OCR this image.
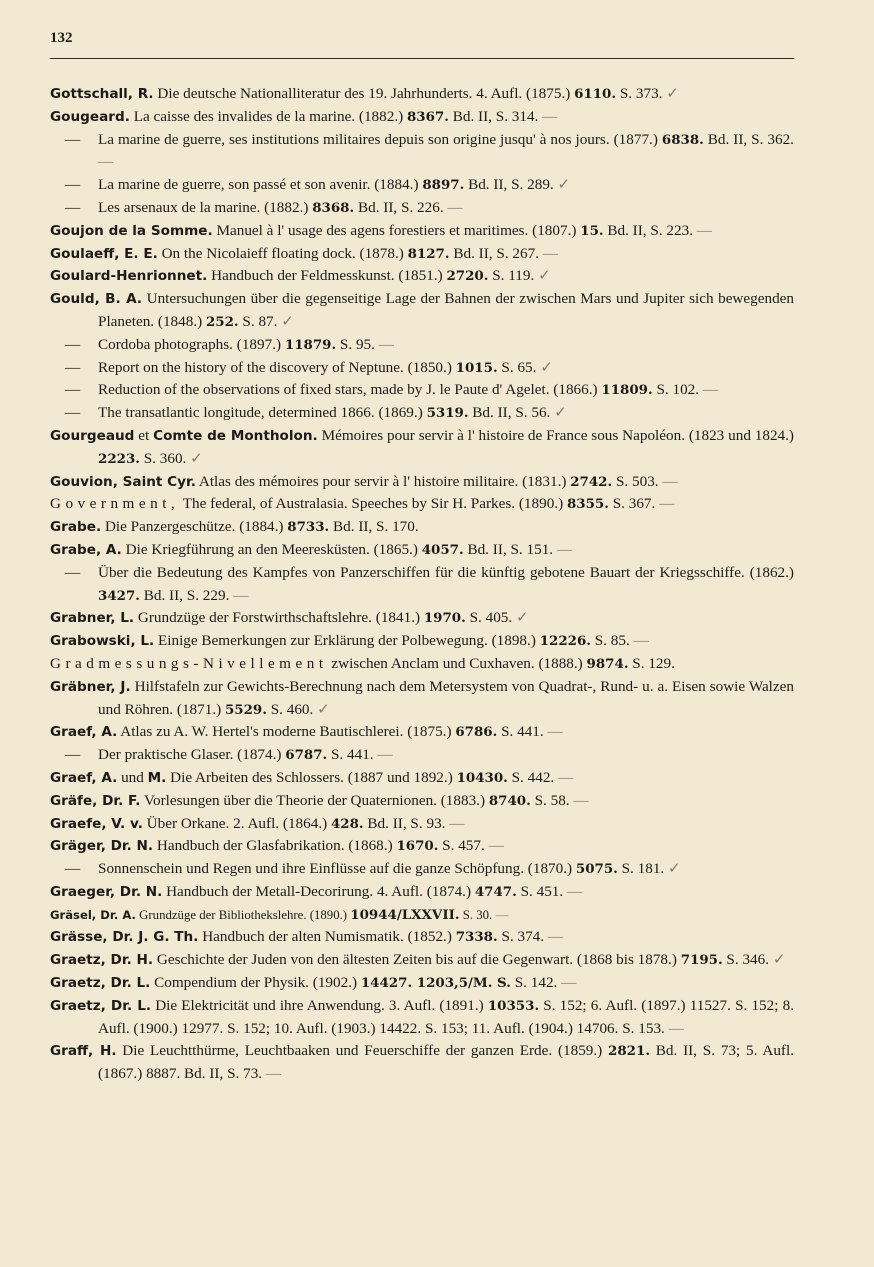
132
Gottschall, R. Die deutsche Nationalliteratur des 19. Jahrhunderts. 4. Aufl. (1875.) 6110. S. 373. ✓
Gougeard. La caisse des invalides de la marine. (1882.) 8367. Bd. II, S. 314. —
— La marine de guerre, ses institutions militaires depuis son origine jusqu' à nos jours. (1877.) 6838. Bd. II, S. 362. —
— La marine de guerre, son passé et son avenir. (1884.) 8897. Bd. II, S. 289. ✓
— Les arsenaux de la marine. (1882.) 8368. Bd. II, S. 226. —
Goujon de la Somme. Manuel à l' usage des agens forestiers et maritimes. (1807.) 15. Bd. II, S. 223. —
Goulaeff, E. E. On the Nicolaieff floating dock. (1878.) 8127. Bd. II, S. 267. —
Goulard-Henrionnet. Handbuch der Feldmesskunst. (1851.) 2720. S. 119. ✓
Gould, B. A. Untersuchungen über die gegenseitige Lage der Bahnen der zwischen Mars und Jupiter sich bewegenden Planeten. (1848.) 252. S. 87. ✓
— Cordoba photographs. (1897.) 11879. S. 95. —
— Report on the history of the discovery of Neptune. (1850.) 1015. S. 65. ✓
— Reduction of the observations of fixed stars, made by J. le Paute d' Agelet. (1866.) 11809. S. 102. —
— The transatlantic longitude, determined 1866. (1869.) 5319. Bd. II, S. 56. ✓
Gourgeaud et Comte de Montholon. Mémoires pour servir à l' histoire de France sous Napoléon. (1823 und 1824.) 2223. S. 360. ✓
Gouvion, Saint Cyr. Atlas des mémoires pour servir à l' histoire militaire. (1831.) 2742. S. 503. —
Government, The federal, of Australasia. Speeches by Sir H. Parkes. (1890.) 8355. S. 367. —
Grabe. Die Panzergeschütze. (1884.) 8733. Bd. II, S. 170.
Grabe, A. Die Kriegführung an den Meeresküsten. (1865.) 4057. Bd. II, S. 151. —
— Über die Bedeutung des Kampfes von Panzerschiffen für die künftig gebotene Bauart der Kriegsschiffe. (1862.) 3427. Bd. II, S. 229. —
Grabner, L. Grundzüge der Forstwirthschaftslehre. (1841.) 1970. S. 405. ✓
Grabowski, L. Einige Bemerkungen zur Erklärung der Polbewegung. (1898.) 12226. S. 85. —
Gradmessungs-Nivellement zwischen Anclam und Cuxhaven. (1888.) 9874. S. 129.
Gräbner, J. Hilfstafeln zur Gewichts-Berechnung nach dem Metersystem von Quadrat-, Rund- u. a. Eisen sowie Walzen und Röhren. (1871.) 5529. S. 460. ✓
Graef, A. Atlas zu A. W. Hertel's moderne Bautischlerei. (1875.) 6786. S. 441. —
— Der praktische Glaser. (1874.) 6787. S. 441. —
Graef, A. und M. Die Arbeiten des Schlossers. (1887 und 1892.) 10430. S. 442. —
Gräfe, Dr. F. Vorlesungen über die Theorie der Quaternionen. (1883.) 8740. S. 58. —
Graefe, V. v. Über Orkane. 2. Aufl. (1864.) 428. Bd. II, S. 93. —
Gräger, Dr. N. Handbuch der Glasfabrikation. (1868.) 1670. S. 457. —
— Sonnenschein und Regen und ihre Einflüsse auf die ganze Schöpfung. (1870.) 5075. S. 181. ✓
Graeger, Dr. N. Handbuch der Metall-Decorirung. 4. Aufl. (1874.) 4747. S. 451. —
Gräsel, Dr. A. Grundzüge der Bibliothekslehre. (1890.) 10944/LXXVII. S. 30. —
Grässe, Dr. J. G. Th. Handbuch der alten Numismatik. (1852.) 7338. S. 374. —
Graetz, Dr. H. Geschichte der Juden von den ältesten Zeiten bis auf die Gegenwart. (1868 bis 1878.) 7195. S. 346. ✓
Graetz, Dr. L. Compendium der Physik. (1902.) 14427. 1203,5/M. S. S. 142. —
Graetz, Dr. L. Die Elektricität und ihre Anwendung. 3. Aufl. (1891.) 10353. S. 152; 6. Aufl. (1897.) 11527. S. 152; 8. Aufl. (1900.) 12977. S. 152; 10. Aufl. (1903.) 14422. S. 153; 11. Aufl. (1904.) 14706. S. 153. —
Graff, H. Die Leuchtthürme, Leuchtbaaken und Feuerschiffe der ganzen Erde. (1859.) 2821. Bd. II, S. 73; 5. Aufl. (1867.) 8887. Bd. II, S. 73. —
